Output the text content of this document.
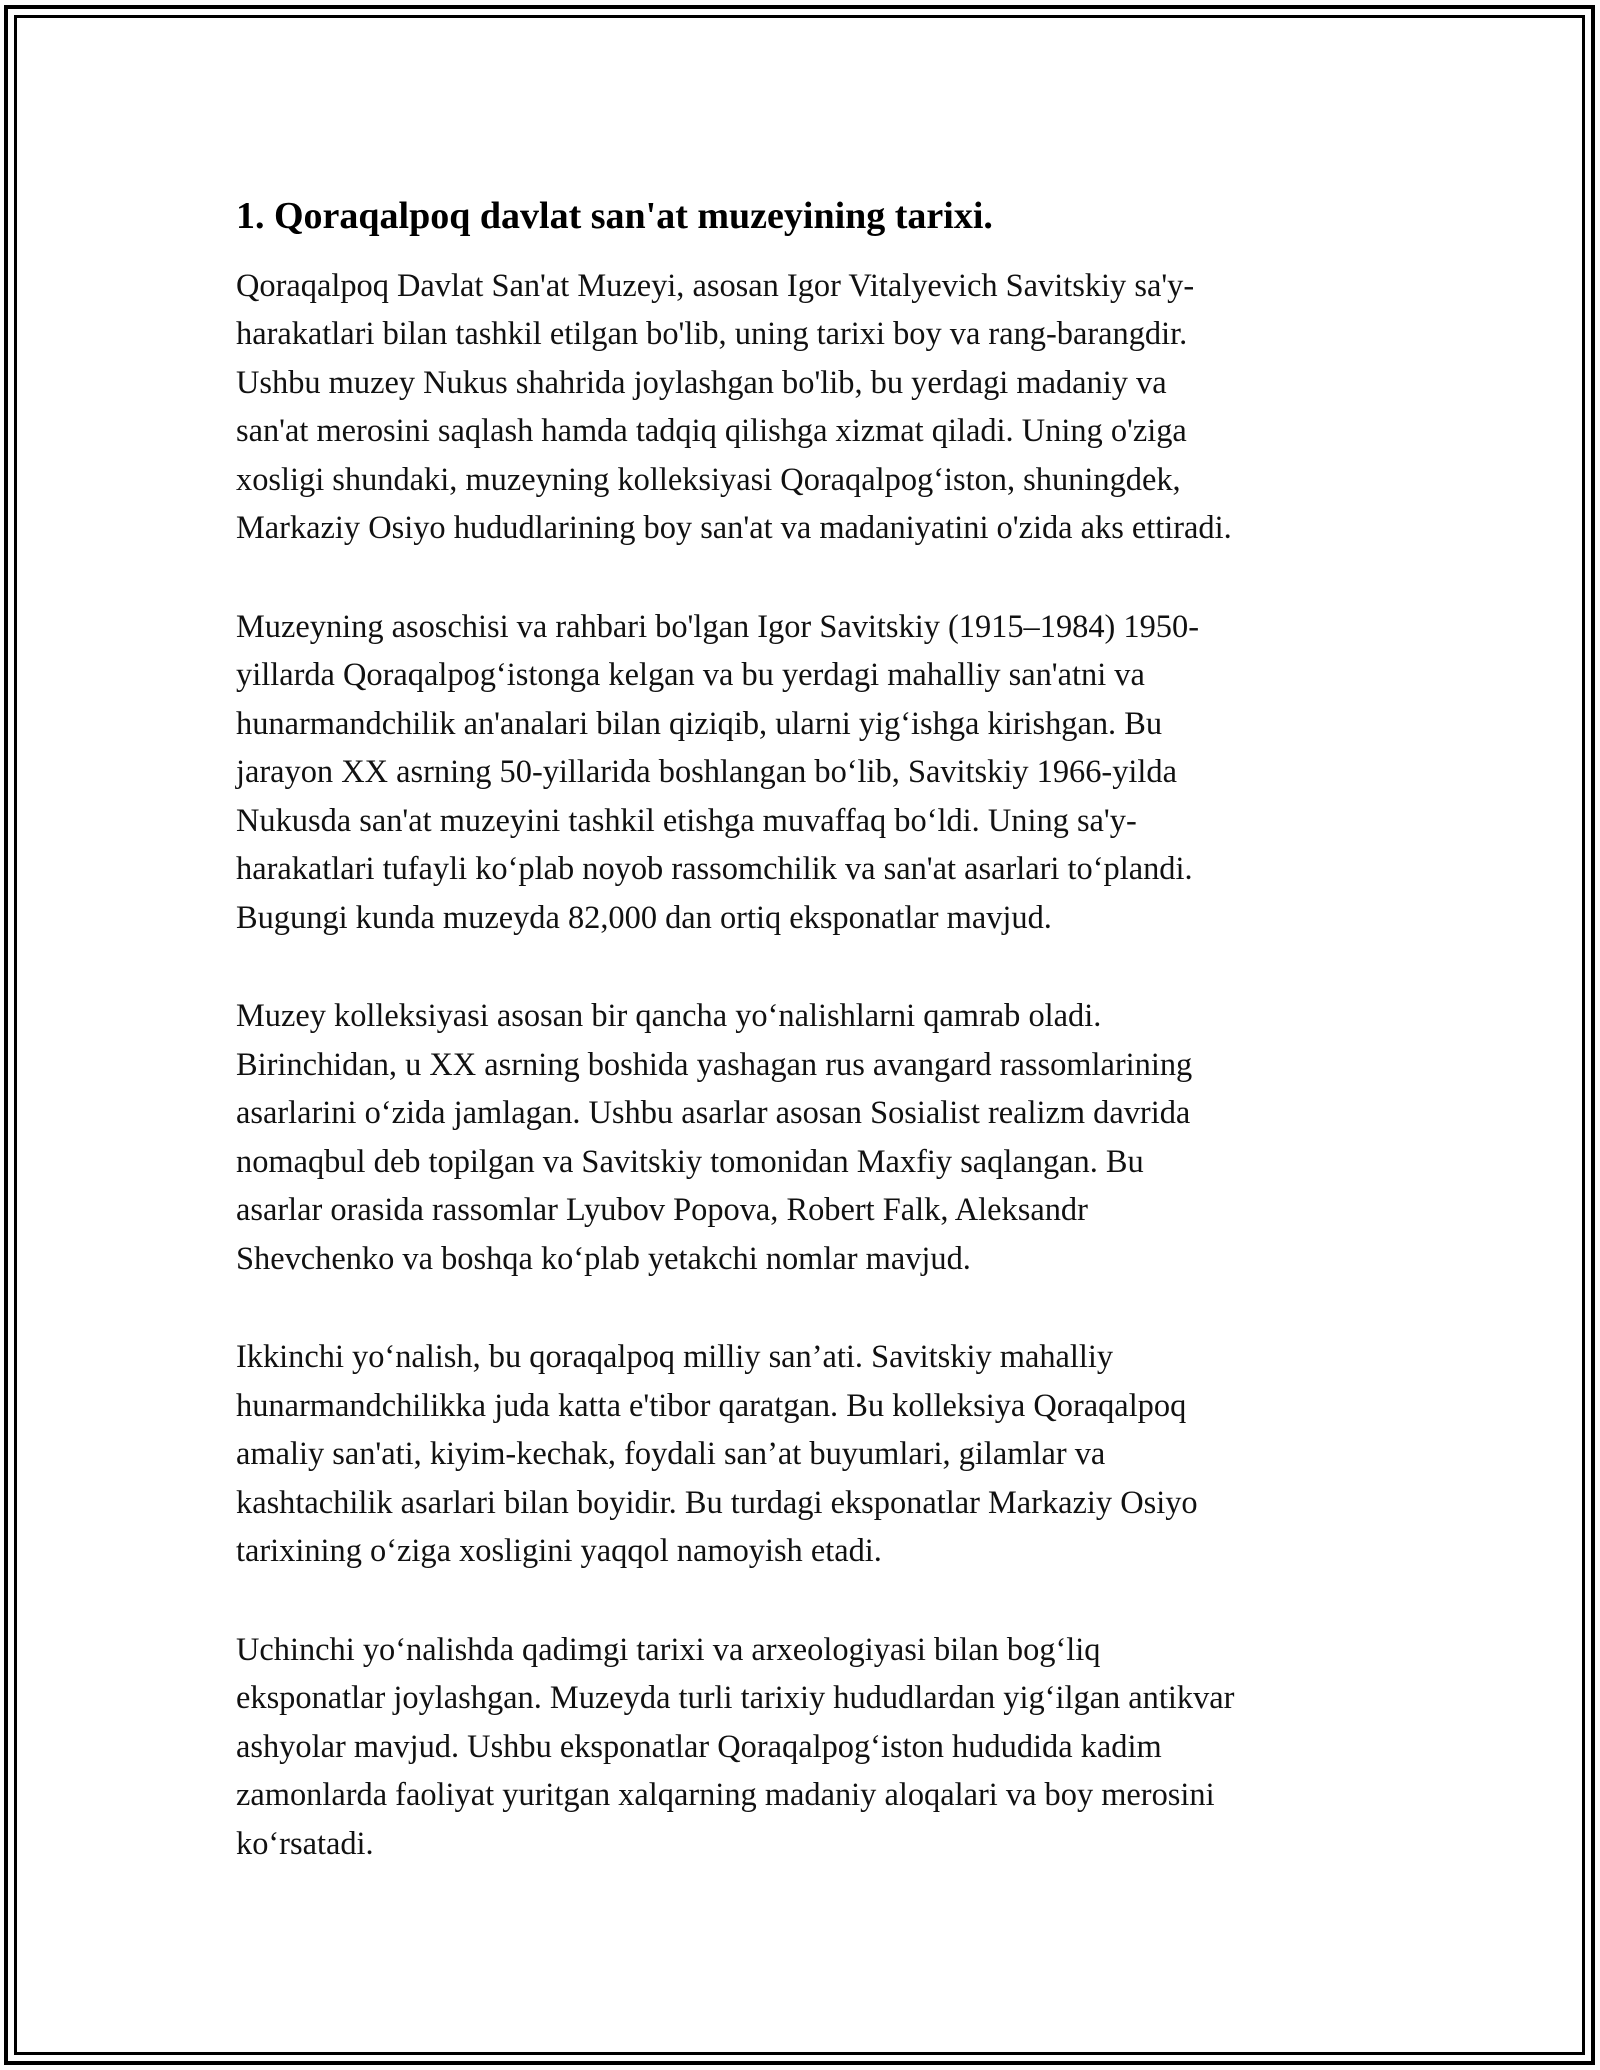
1. Qoraqalpoq davlat san'at muzeyining tarixi.
Qoraqalpoq Davlat San'at Muzeyi, asosan Igor Vitalyevich Savitskiy sa'y-
harakatlari bilan tashkil etilgan bo'lib, uning tarixi boy va rang-barangdir.
Ushbu muzey Nukus shahrida joylashgan bo'lib, bu yerdagi madaniy va
san'at merosini saqlash hamda tadqiq qilishga xizmat qiladi. Uning o'ziga
xosligi shundaki, muzeyning kolleksiyasi Qoraqalpog‘iston, shuningdek,
Markaziy Osiyo hududlarining boy san'at va madaniyatini o'zida aks ettiradi.
Muzeyning asoschisi va rahbari bo'lgan Igor Savitskiy (1915–1984) 1950-
yillarda Qoraqalpog‘istonga kelgan va bu yerdagi mahalliy san'atni va
hunarmandchilik an'analari bilan qiziqib, ularni yig‘ishga kirishgan. Bu
jarayon XX asrning 50-yillarida boshlangan bo‘lib, Savitskiy 1966-yilda
Nukusda san'at muzeyini tashkil etishga muvaffaq bo‘ldi. Uning sa'y-
harakatlari tufayli ko‘plab noyob rassomchilik va san'at asarlari to‘plandi.
Bugungi kunda muzeyda 82,000 dan ortiq eksponatlar mavjud.
Muzey kolleksiyasi asosan bir qancha yo‘nalishlarni qamrab oladi.
Birinchidan, u XX asrning boshida yashagan rus avangard rassomlarining
asarlarini o‘zida jamlagan. Ushbu asarlar asosan Sosialist realizm davrida
nomaqbul deb topilgan va Savitskiy tomonidan Maxfiy saqlangan. Bu
asarlar orasida rassomlar Lyubov Popova, Robert Falk, Aleksandr
Shevchenko va boshqa ko‘plab yetakchi nomlar mavjud.
Ikkinchi yo‘nalish, bu qoraqalpoq milliy san’ati. Savitskiy mahalliy
hunarmandchilikka juda katta e'tibor qaratgan. Bu kolleksiya Qoraqalpoq
amaliy san'ati, kiyim-kechak, foydali san’at buyumlari, gilamlar va
kashtachilik asarlari bilan boyidir. Bu turdagi eksponatlar Markaziy Osiyo
tarixining o‘ziga xosligini yaqqol namoyish etadi.
Uchinchi yo‘nalishda qadimgi tarixi va arxeologiyasi bilan bog‘liq
eksponatlar joylashgan. Muzeyda turli tarixiy hududlardan yig‘ilgan antikvar
ashyolar mavjud. Ushbu eksponatlar Qoraqalpog‘iston hududida kadim
zamonlarda faoliyat yuritgan xalqarning madaniy aloqalari va boy merosini
ko‘rsatadi.
